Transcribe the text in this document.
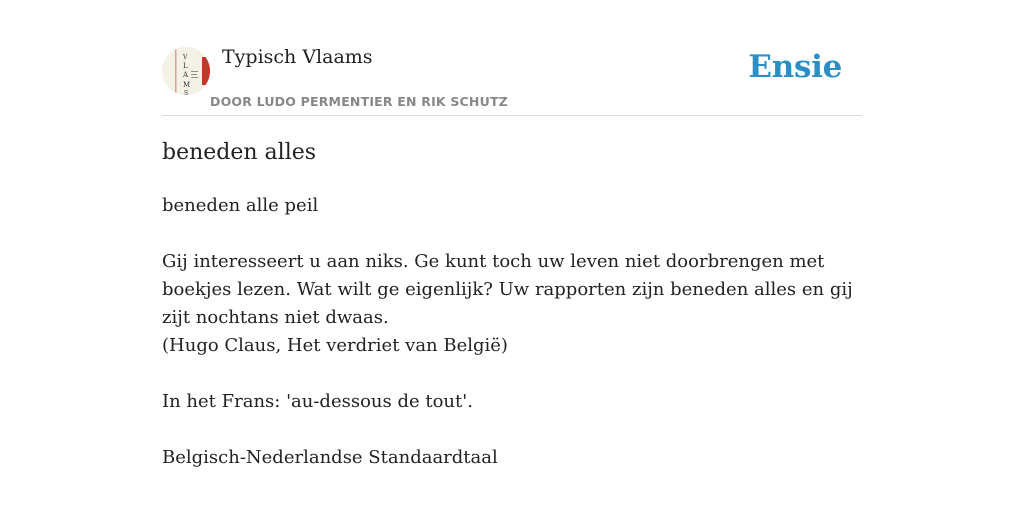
V
L
A
M
S
Typisch Vlaams
DOOR LUDO PERMENTIER EN RIK SCHUTZ
Ensie
beneden alles

beneden alle peil

Gij interesseert u aan niks. Ge kunt toch uw leven niet doorbrengen met boekjes lezen. Wat wilt ge eigenlijk? Uw rapporten zijn beneden alles en gij zijt nochtans niet dwaas.
(Hugo Claus, Het verdriet van België)

In het Frans: 'au-dessous de tout'.

Belgisch-Nederlandse Standaardtaal
